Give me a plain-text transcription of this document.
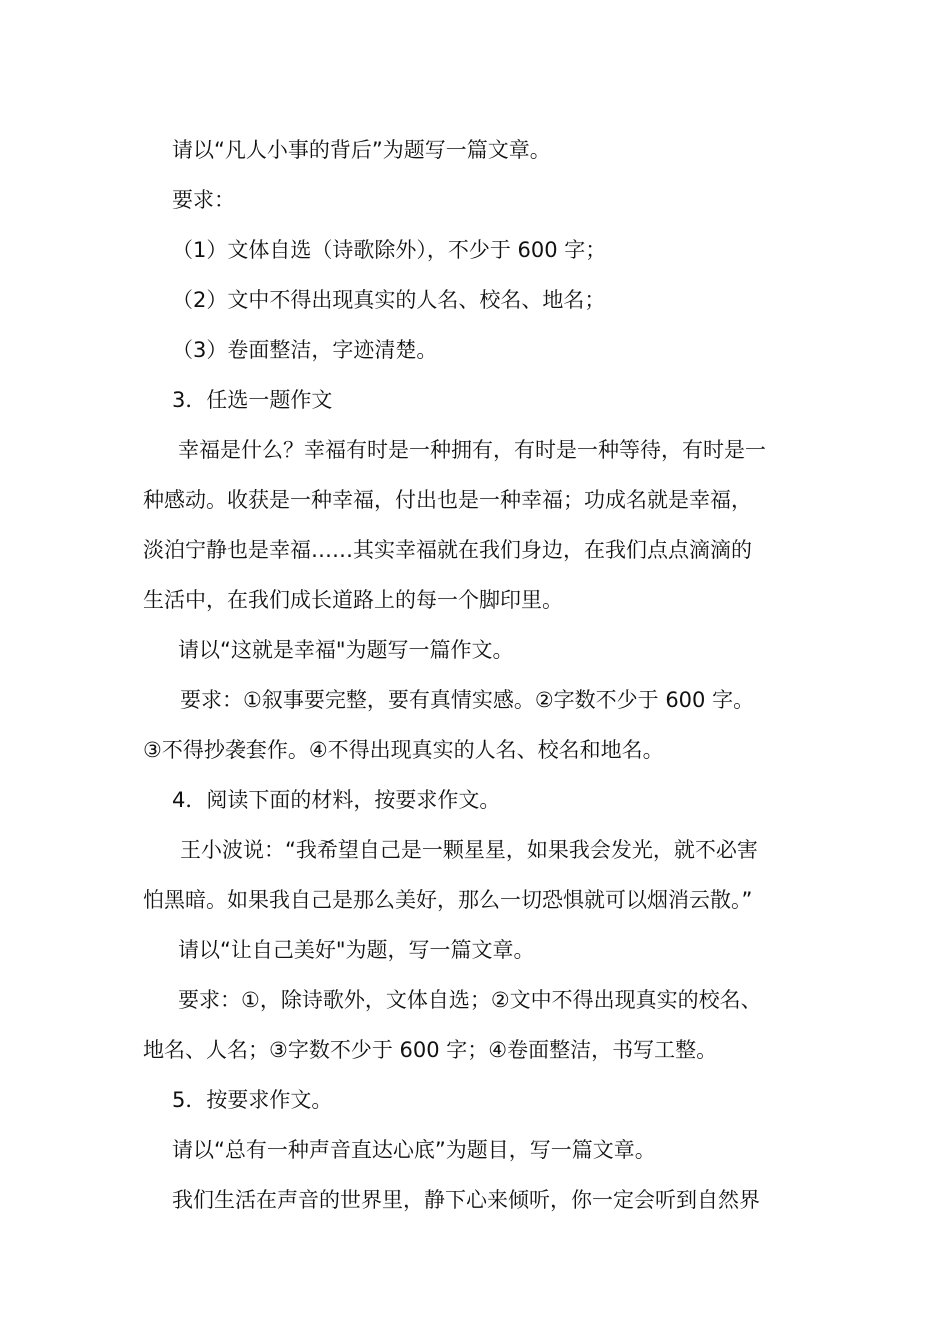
请以“凡人小事的背后”为题写一篇文章。
要求：
（1）文体自选（诗歌除外），不少于 600 字；
（2）文中不得出现真实的人名、校名、地名；
（3）卷面整洁，字迹清楚。
3．任选一题作文
幸福是什么？幸福有时是一种拥有，有时是一种等待，有时是一
种感动。收获是一种幸福，付出也是一种幸福；功成名就是幸福，
淡泊宁静也是幸福……其实幸福就在我们身边，在我们点点滴滴的
生活中，在我们成长道路上的每一个脚印里。
请以“这就是幸福"为题写一篇作文。
要求：①叙事要完整，要有真情实感。②字数不少于 600 字。
③不得抄袭套作。④不得出现真实的人名、校名和地名。
4．阅读下面的材料，按要求作文。
王小波说：“我希望自己是一颗星星，如果我会发光，就不必害
怕黑暗。如果我自己是那么美好，那么一切恐惧就可以烟消云散。”
请以“让自己美好"为题，写一篇文章。
要求：①，除诗歌外，文体自选；②文中不得出现真实的校名、
地名、人名；③字数不少于 600 字；④卷面整洁，书写工整。
5．按要求作文。
请以“总有一种声音直达心底”为题目，写一篇文章。
我们生活在声音的世界里，静下心来倾听，你一定会听到自然界
